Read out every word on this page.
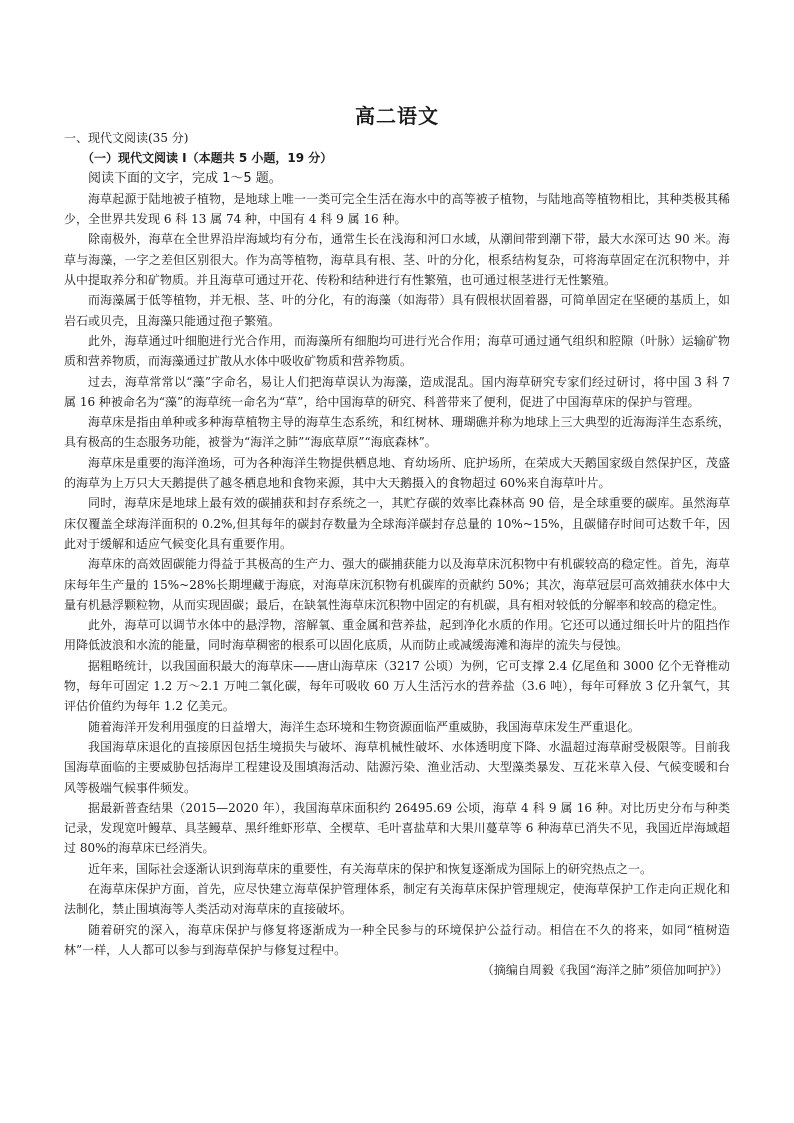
高二语文

一、现代文阅读(35 分)

（一）现代文阅读 I（本题共 5 小题，19 分）

阅读下面的文字，完成 1～5 题。

海草起源于陆地被子植物，是地球上唯一一类可完全生活在海水中的高等被子植物，与陆地高等植物相比，其种类极其稀少，全世界共发现 6 科 13 属 74 种，中国有 4 科 9 属 16 种。

除南极外，海草在全世界沿岸海域均有分布，通常生长在浅海和河口水域，从潮间带到潮下带，最大水深可达 90 米。海草与海藻，一字之差但区别很大。作为高等植物，海草具有根、茎、叶的分化，根系结构复杂，可将海草固定在沉积物中，并从中提取养分和矿物质。并且海草可通过开花、传粉和结种进行有性繁殖，也可通过根茎进行无性繁殖。

而海藻属于低等植物，并无根、茎、叶的分化，有的海藻（如海带）具有假根状固着器，可简单固定在坚硬的基质上，如岩石或贝壳，且海藻只能通过孢子繁殖。

此外，海草通过叶细胞进行光合作用，而海藻所有细胞均可进行光合作用；海草可通过通气组织和腔隙（叶脉）运输矿物质和营养物质，而海藻通过扩散从水体中吸收矿物质和营养物质。

过去，海草常常以“藻”字命名，易让人们把海草误认为海藻，造成混乱。国内海草研究专家们经过研讨，将中国 3 科 7 属 16 种被命名为“藻”的海草统一命名为“草”，给中国海草的研究、科普带来了便利，促进了中国海草床的保护与管理。

海草床是指由单种或多种海草植物主导的海草生态系统，和红树林、珊瑚礁并称为地球上三大典型的近海海洋生态系统，具有极高的生态服务功能，被誉为“海洋之肺”“海底草原”“海底森林”。

海草床是重要的海洋渔场，可为各种海洋生物提供栖息地、育幼场所、庇护场所，在荣成大天鹅国家级自然保护区，茂盛的海草为上万只大天鹅提供了越冬栖息地和食物来源，其中大天鹅摄入的食物超过 60%来自海草叶片。

同时，海草床是地球上最有效的碳捕获和封存系统之一，其贮存碳的效率比森林高 90 倍，是全球重要的碳库。虽然海草床仅覆盖全球海洋面积的 0.2%,但其每年的碳封存数量为全球海洋碳封存总量的 10%~15%，且碳储存时间可达数千年，因此对于缓解和适应气候变化具有重要作用。

海草床的高效固碳能力得益于其极高的生产力、强大的碳捕获能力以及海草床沉积物中有机碳较高的稳定性。首先，海草床每年生产量的 15%~28%长期埋藏于海底，对海草床沉积物有机碳库的贡献约 50%；其次，海草冠层可高效捕获水体中大量有机悬浮颗粒物，从而实现固碳；最后，在缺氧性海草床沉积物中固定的有机碳，具有相对较低的分解率和较高的稳定性。

此外，海草可以调节水体中的悬浮物，溶解氧、重金属和营养盐，起到净化水质的作用。它还可以通过细长叶片的阻挡作用降低波浪和水流的能量，同时海草稠密的根系可以固化底质，从而防止或减缓海滩和海岸的流失与侵蚀。

据粗略统计，以我国面积最大的海草床——唐山海草床（3217 公顷）为例，它可支撑 2.4 亿尾鱼和 3000 亿个无脊椎动物，每年可固定 1.2 万～2.1 万吨二氧化碳，每年可吸收 60 万人生活污水的营养盐（3.6 吨），每年可释放 3 亿升氧气，其评估价值约为每年 1.2 亿美元。

随着海洋开发利用强度的日益增大，海洋生态环境和生物资源面临严重威胁，我国海草床发生严重退化。

我国海草床退化的直接原因包括生境损失与破坏、海草机械性破坏、水体透明度下降、水温超过海草耐受极限等。目前我国海草面临的主要威胁包括海岸工程建设及围填海活动、陆源污染、渔业活动、大型藻类暴发、互花米草入侵、气候变暖和台风等极端气候事件频发。

据最新普查结果（2015—2020 年），我国海草床面积约 26495.69 公顷，海草 4 科 9 属 16 种。对比历史分布与种类记录，发现宽叶鳗草、具茎鳗草、黑纤维虾形草、全楔草、毛叶喜盐草和大果川蔓草等 6 种海草已消失不见，我国近岸海域超过 80%的海草床已经消失。

近年来，国际社会逐渐认识到海草床的重要性，有关海草床的保护和恢复逐渐成为国际上的研究热点之一。

在海草床保护方面，首先，应尽快建立海草保护管理体系，制定有关海草床保护管理规定，使海草保护工作走向正规化和法制化，禁止围填海等人类活动对海草床的直接破坏。

随着研究的深入，海草床保护与修复将逐渐成为一种全民参与的环境保护公益行动。相信在不久的将来，如同“植树造林”一样，人人都可以参与到海草保护与修复过程中。

（摘编自周毅《我国“海洋之肺”须倍加呵护》）
